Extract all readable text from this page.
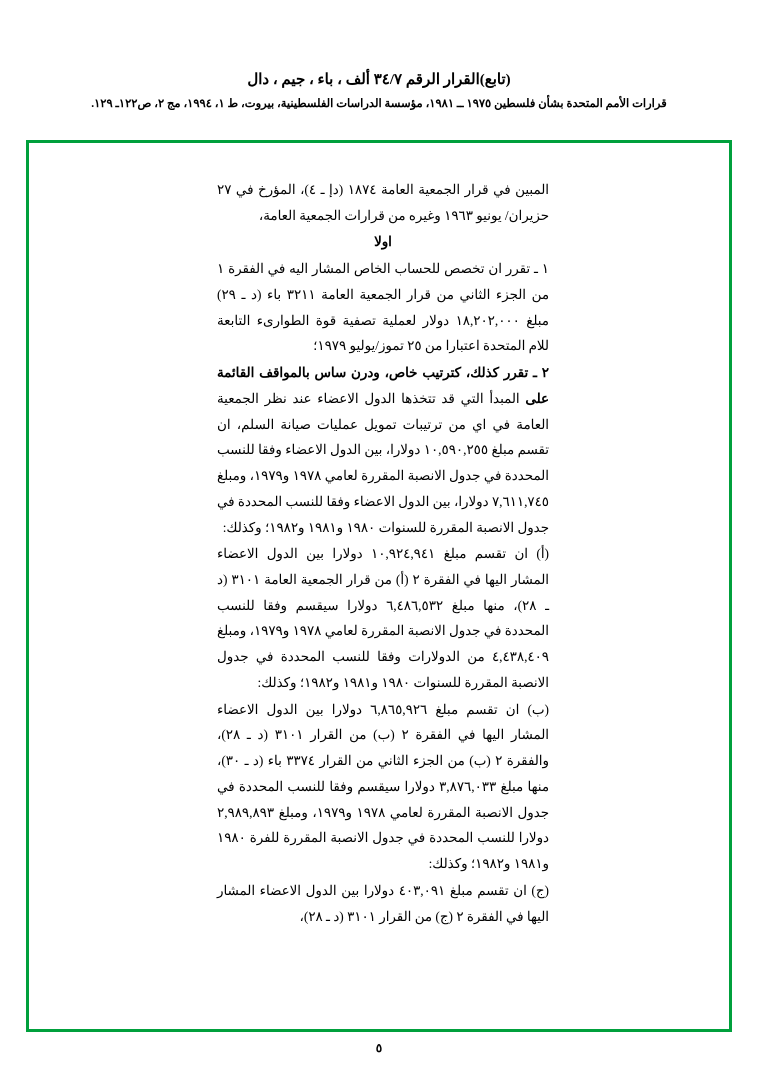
(تابع)القرار الرقم ٣٤/٧ ألف ، باء ، جيم ، دال
قرارات الأمم المتحدة بشأن فلسطين ١٩٧٥ ــ ١٩٨١، مؤسسة الدراسات الفلسطينية، بيروت، ط ١، ١٩٩٤، مج ٢، ص١٢٢ـ ١٢٩.

المبين في قرار الجمعية العامة ١٨٧٤ (دإ ـ ٤)، المؤرخ في ٢٧ حزيران/ يونيو ١٩٦٣ وغيره من قرارات الجمعية العامة،

اولا

١ ـ تقرر ان تخصص للحساب الخاص المشار اليه في الفقرة ١ من الجزء الثاني من قرار الجمعية العامة ٣٢١١ باء (د ـ ٢٩) مبلغ ١٨,٢٠٢,٠٠٠ دولار لعملية تصفية قوة الطوارىء التابعة للام المتحدة اعتبارا من ٢٥ تموز/يوليو ١٩٧٩؛

٢ ـ تقرر كذلك، كترتيب خاص، ودرن ساس بالمواقف القائمة على المبدأ التي قد تتخذها الدول الاعضاء عند نظر الجمعية العامة في اي من ترتيبات تمويل عمليات صيانة السلم، ان تقسم مبلغ ١٠,٥٩٠,٢٥٥ دولارا، بين الدول الاعضاء وفقا للنسب المحددة في جدول الانصبة المقررة لعامي ١٩٧٨ و١٩٧٩، ومبلغ ٧,٦١١,٧٤٥ دولارا، بين الدول الاعضاء وفقا للنسب المحددة في جدول الانصبة المقررة للسنوات ١٩٨٠ و١٩٨١ و١٩٨٢؛ وكذلك:

(أ) ان تقسم مبلغ ١٠,٩٢٤,٩٤١ دولارا بين الدول الاعضاء المشار اليها في الفقرة ٢ (أ) من قرار الجمعية العامة ٣١٠١ (د ـ ٢٨)، منها مبلغ ٦,٤٨٦,٥٣٢ دولارا سيقسم وفقا للنسب المحددة في جدول الانصبة المقررة لعامي ١٩٧٨ و١٩٧٩، ومبلغ ٤,٤٣٨,٤٠٩ من الدولارات وفقا للنسب المحددة في جدول الانصبة المقررة للسنوات ١٩٨٠ و١٩٨١ و١٩٨٢؛ وكذلك:

(ب) ان تقسم مبلغ ٦,٨٦٥,٩٢٦ دولارا بين الدول الاعضاء المشار اليها في الفقرة ٢ (ب) من القرار ٣١٠١ (د ـ ٢٨)، والفقرة ٢ (ب) من الجزء الثاني من القرار ٣٣٧٤ باء (د ـ ٣٠)، منها مبلغ ٣,٨٧٦,٠٣٣ دولارا سيقسم وفقا للنسب المحددة في جدول الانصبة المقررة لعامي ١٩٧٨ و١٩٧٩، ومبلغ ٢,٩٨٩,٨٩٣ دولارا للنسب المحددة في جدول الانصبة المقررة للفرة ١٩٨٠ و١٩٨١ و١٩٨٢؛ وكذلك:

(ج) ان تقسم مبلغ ٤٠٣,٠٩١ دولارا بين الدول الاعضاء المشار اليها في الفقرة ٢ (ج) من القرار ٣١٠١ (د ـ ٢٨)،

٥
